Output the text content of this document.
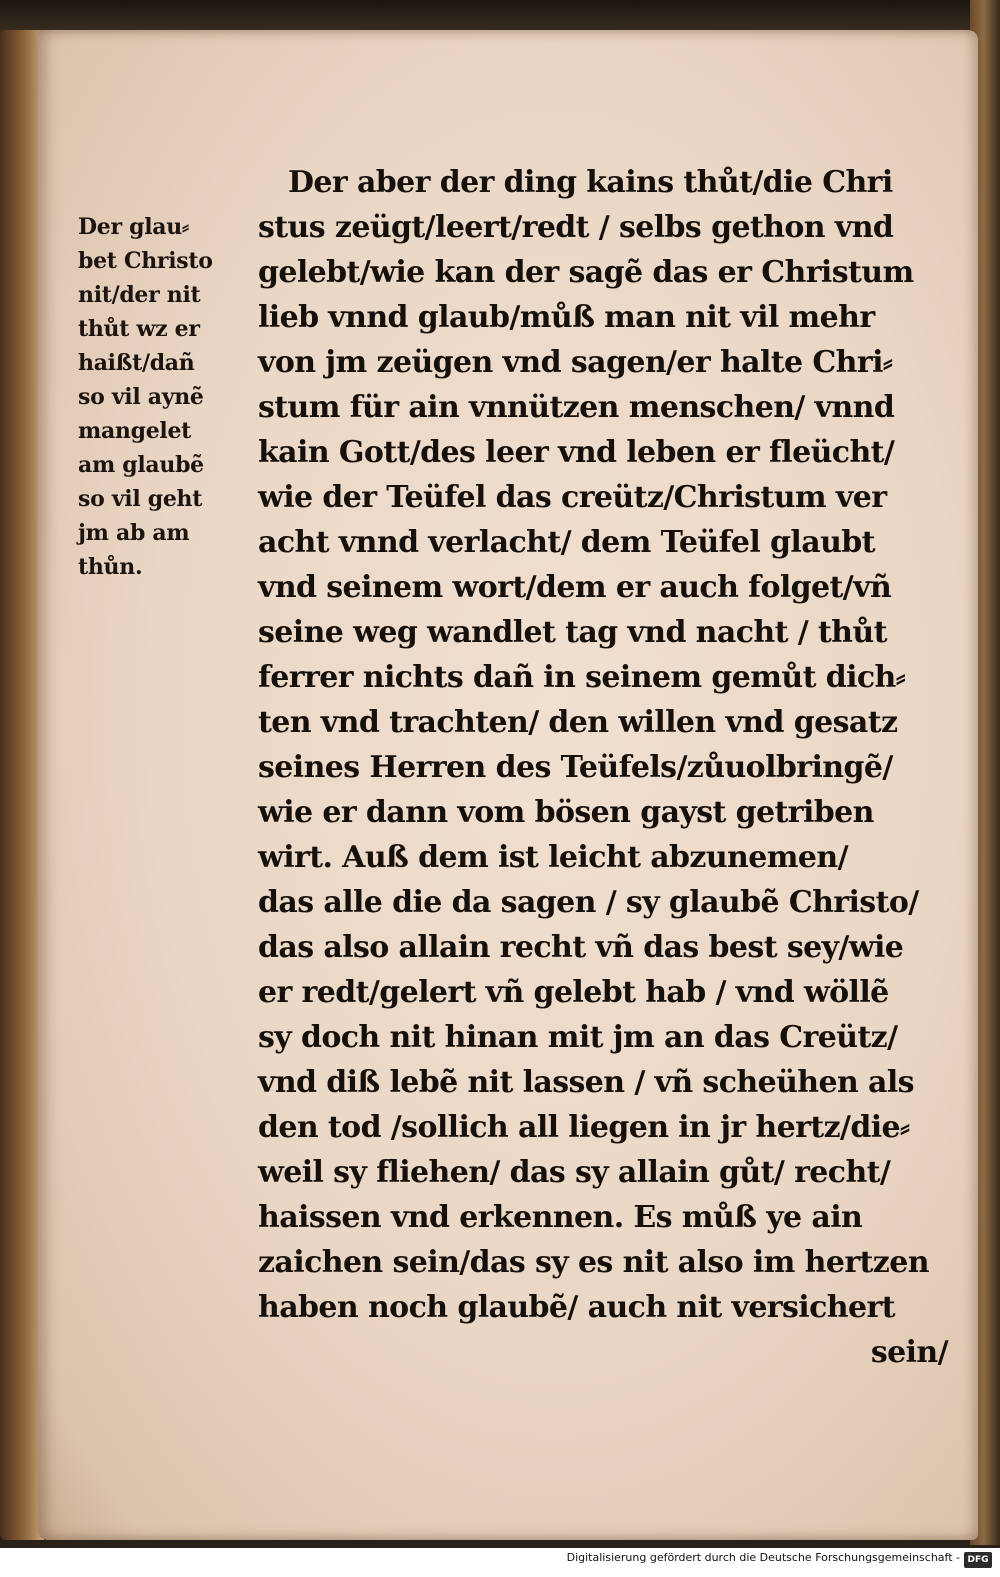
Der glau⸗
bet Christo
nit/der nit
thůt wz er
haißt/dañ
so vil aynẽ
mangelet
am glaubẽ
so vil geht
jm ab am
thůn.
Der aber der ding kains thůt/die Chri
stus zeügt/leert/redt / selbs gethon vnd
gelebt/wie kan der sagẽ das er Christum
lieb vnnd glaub/můß man nit vil mehr
von jm zeügen vnd sagen/er halte Chri⸗
stum für ain vnnützen menschen/ vnnd
kain Gott/des leer vnd leben er fleücht/
wie der Teüfel das creütz/Christum ver
acht vnnd verlacht/ dem Teüfel glaubt
vnd seinem wort/dem er auch folget/vñ
seine weg wandlet tag vnd nacht / thůt
ferrer nichts dañ in seinem gemůt dich⸗
ten vnd trachten/ den willen vnd gesatz
seines Herren des Teüfels/zůuolbringẽ/
wie er dann vom bösen gayst getriben
wirt. Auß dem ist leicht abzunemen/
das alle die da sagen / sy glaubẽ Christo/
das also allain recht vñ das best sey/wie
er redt/gelert vñ gelebt hab / vnd wöllẽ
sy doch nit hinan mit jm an das Creütz/
vnd diß lebẽ nit lassen / vñ scheühen als
den tod /sollich all liegen in jr hertz/die⸗
weil sy fliehen/ das sy allain gůt/ recht/
haissen vnd erkennen. Es můß ye ain
zaichen sein/das sy es nit also im hertzen
haben noch glaubẽ/ auch nit versichert
sein/
Digitalisierung gefördert durch die Deutsche Forschungsgemeinschaft - DFG
